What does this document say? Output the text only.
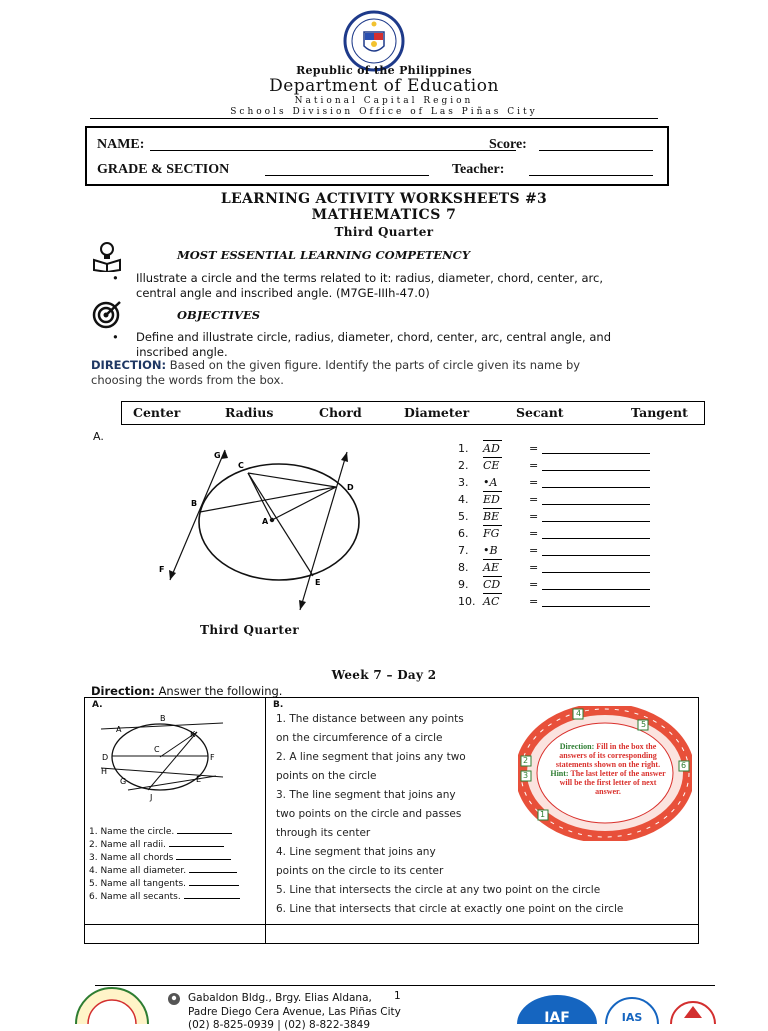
Republic of the Philippines
Department of Education
National Capital Region
Schools Division Office of Las Piñas City
NAME:	Score:
GRADE & SECTION	Teacher:
LEARNING ACTIVITY WORKSHEETS #3
MATHEMATICS 7
Third Quarter
MOST ESSENTIAL LEARNING COMPETENCY
• Illustrate a circle and the terms related to it: radius, diameter, chord, center, arc,
central angle and inscribed angle. (M7GE-IIIh-47.0)
OBJECTIVES
• Define and illustrate circle, radius, diameter, chord, center, arc, central angle, and
inscribed angle.
DIRECTION: Based on the given figure. Identify the parts of circle given its name by
choosing the words from the box.
Center	Radius	Chord	Diameter	Secant	Tangent
A.
G
C
D
B
A
F
E
Third Quarter
1. AD	=
2. CE	=
3. •A	=
4. ED	=
5. BE	=
6. FG	=
7. •B	=
8. AE	=
9. CD	=
10. AC	=
Week 7 – Day 2
Direction: Answer the following.
A.	B.
A
B
K
C
D	F
H
G	E
J
1. Name the circle.
2. Name all radii.
3. Name all chords
4. Name all diameter.
5. Name all tangents.
6. Name all secants.
1. The distance between any points
on the circumference of a circle
2. A line segment that joins any two
points on the circle
3. The line segment that joins any
two points on the circle and passes
through its center
4. Line segment that joins any
points on the circle to its center
5. Line that intersects the circle at any two point on the circle
6. Line that intersects that circle at exactly one point on the circle
4
5
2
3
6
1
Direction: Fill in the box the answers of its corresponding statements shown on the right.
Hint: The last letter of the answer will be the first letter of next answer.
Gabaldon Bldg., Brgy. Elias Aldana, 1
Padre Diego Cera Avenue, Las Piñas City
(02) 8-825-0939 | (02) 8-822-3849	IAF	IAS
